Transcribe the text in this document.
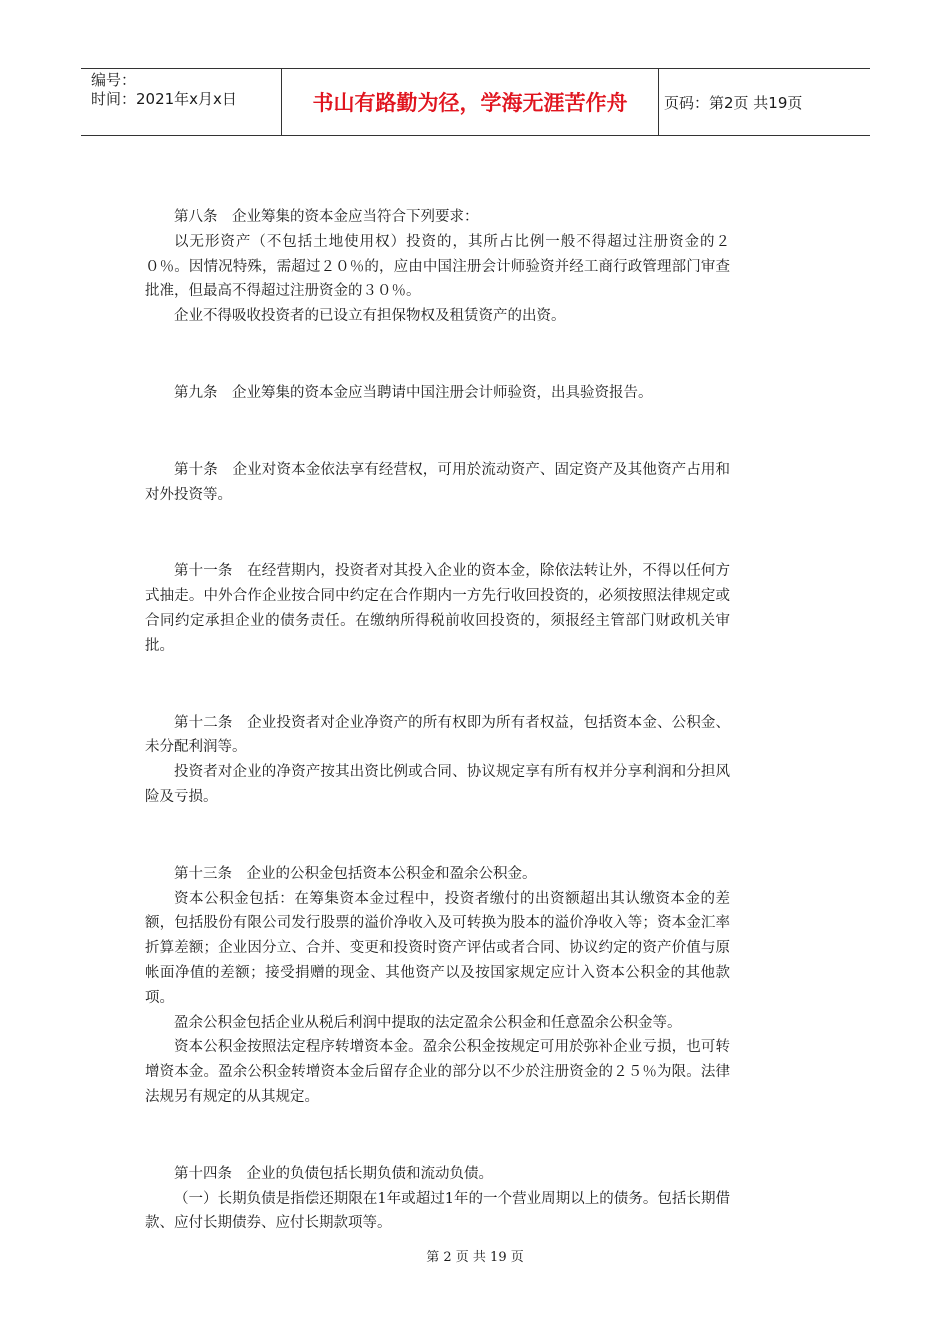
编号：
时间：2021年x月x日	书山有路勤为径，学海无涯苦作舟	页码：第2页 共19页

第八条　企业筹集的资本金应当符合下列要求：

以无形资产（不包括土地使用权）投资的，其所占比例一般不得超过注册资金的２０％。因情况特殊，需超过２０％的，应由中国注册会计师验资并经工商行政管理部门审查批准，但最高不得超过注册资金的３０％。

企业不得吸收投资者的已设立有担保物权及租赁资产的出资。

第九条　企业筹集的资本金应当聘请中国注册会计师验资，出具验资报告。

第十条　企业对资本金依法享有经营权，可用於流动资产、固定资产及其他资产占用和对外投资等。

第十一条　在经营期内，投资者对其投入企业的资本金，除依法转让外，不得以任何方式抽走。中外合作企业按合同中约定在合作期内一方先行收回投资的，必须按照法律规定或合同约定承担企业的债务责任。在缴纳所得税前收回投资的，须报经主管部门财政机关审批。

第十二条　企业投资者对企业净资产的所有权即为所有者权益，包括资本金、公积金、未分配利润等。

投资者对企业的净资产按其出资比例或合同、协议规定享有所有权并分享利润和分担风险及亏损。

第十三条　企业的公积金包括资本公积金和盈余公积金。

资本公积金包括：在筹集资本金过程中，投资者缴付的出资额超出其认缴资本金的差额，包括股份有限公司发行股票的溢价净收入及可转换为股本的溢价净收入等；资本金汇率折算差额；企业因分立、合并、变更和投资时资产评估或者合同、协议约定的资产价值与原帐面净值的差额；接受捐赠的现金、其他资产以及按国家规定应计入资本公积金的其他款项。

盈余公积金包括企业从税后利润中提取的法定盈余公积金和任意盈余公积金等。

资本公积金按照法定程序转增资本金。盈余公积金按规定可用於弥补企业亏损，也可转增资本金。盈余公积金转增资本金后留存企业的部分以不少於注册资金的２５％为限。法律法规另有规定的从其规定。

第十四条　企业的负债包括长期负债和流动负债。

（一）长期负债是指偿还期限在1年或超过1年的一个营业周期以上的债务。包括长期借款、应付长期债券、应付长期款项等。

第 2 页 共 19 页
